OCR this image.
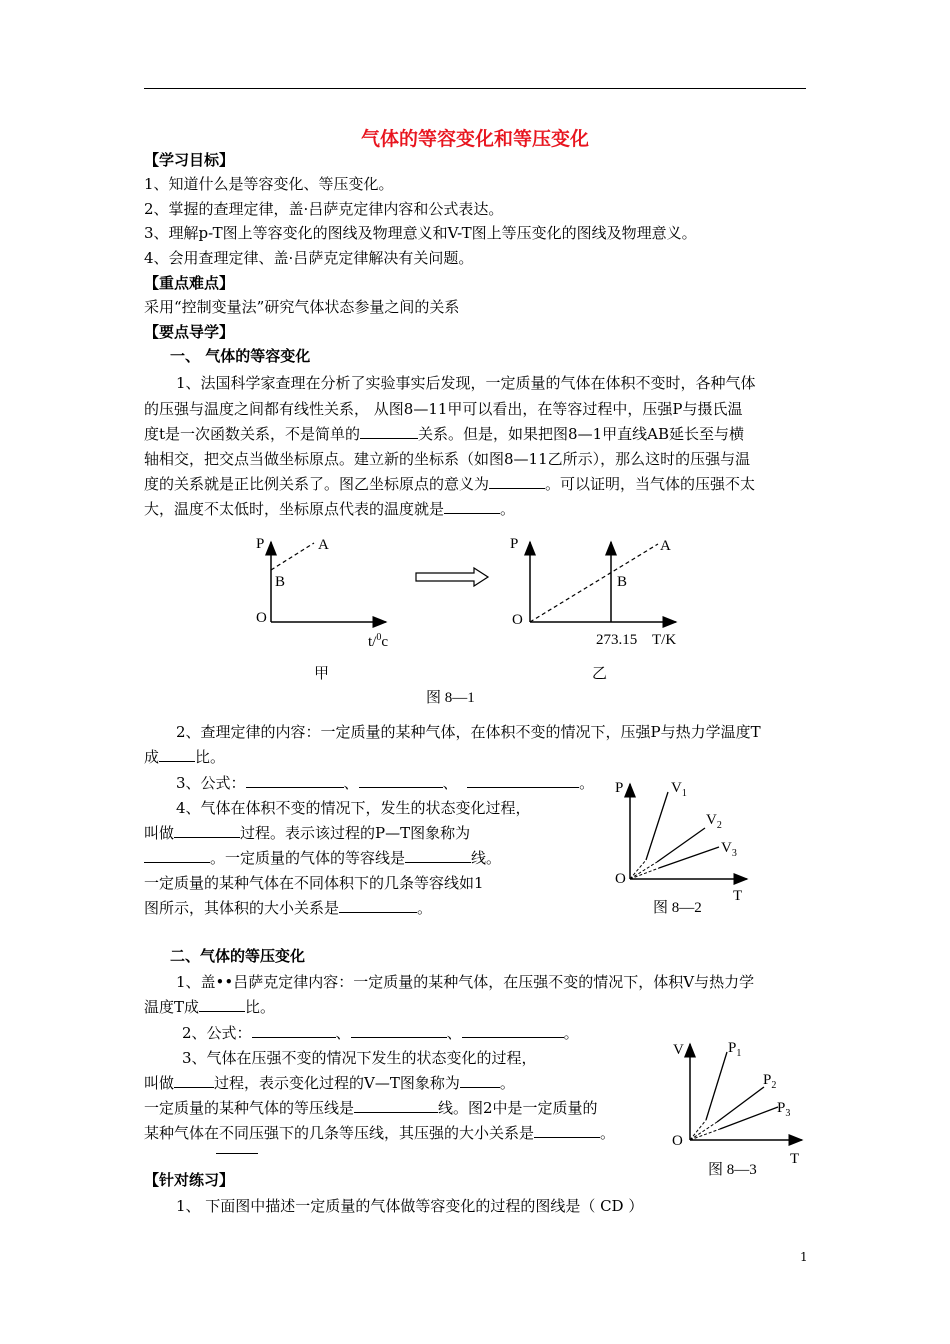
气体的等容变化和等压变化
【学习目标】
1、知道什么是等容变化、等压变化。
2、掌握的查理定律，盖·吕萨克定律内容和公式表达。
3、理解p-T图上等容变化的图线及物理意义和V-T图上等压变化的图线及物理意义。
4、会用查理定律、盖·吕萨克定律解决有关问题。
【重点难点】
采用“控制变量法”研究气体状态参量之间的关系
【要点导学】
一、 气体的等容变化
1、法国科学家查理在分析了实验事实后发现，一定质量的气体在体积不变时，各种气体
的压强与温度之间都有线性关系， 从图8—11甲可以看出，在等容过程中，压强P与摄氏温
度t是一次函数关系，不是简单的	关系。但是，如果把图8—1甲直线AB延长至与横
轴相交，把交点当做坐标原点。建立新的坐标系（如图8—11乙所示），那么这时的压强与温
度的关系就是正比例关系了。图乙坐标原点的意义为	。可以证明，当气体的压强不太
大，温度不太低时，坐标原点代表的温度就是	。
P	A
B
O
t/$^0$c
甲
P	A
B
O
273.15 T/K
乙
图 8—1
2、查理定律的内容：一定质量的某种气体，在体积不变的情况下，压强P与热力学温度T
成 比。
3、公式：	、	、	。
4、气体在体积不变的情况下，发生的状态变化过程，
叫做	过程。表示该过程的P—T图象称为
。一定质量的气体的等容线是	线。
一定质量的某种气体在不同体积下的几条等容线如1
图所示，其体积的大小关系是	。
P	$V_1$
$V_2$
$V_3$
O
T
图 8—2
二、气体的等压变化
1、盖••吕萨克定律内容：一定质量的某种气体，在压强不变的情况下，体积V与热力学
温度T成	比。
2、公式：	、	、	。
3、气体在压强不变的情况下发生的状态变化的过程，
叫做	过程，表示变化过程的V—T图象称为	。
一定质量的某种气体的等压线是	线。图2中是一定质量的
某种气体在不同压强下的几条等压线，其压强的大小关系是	。
V	$P_1$
$P_2$
$P_3$
O
T
图 8—3
【针对练习】
1、 下面图中描述一定质量的气体做等容变化的过程的图线是（ CD ）
1
